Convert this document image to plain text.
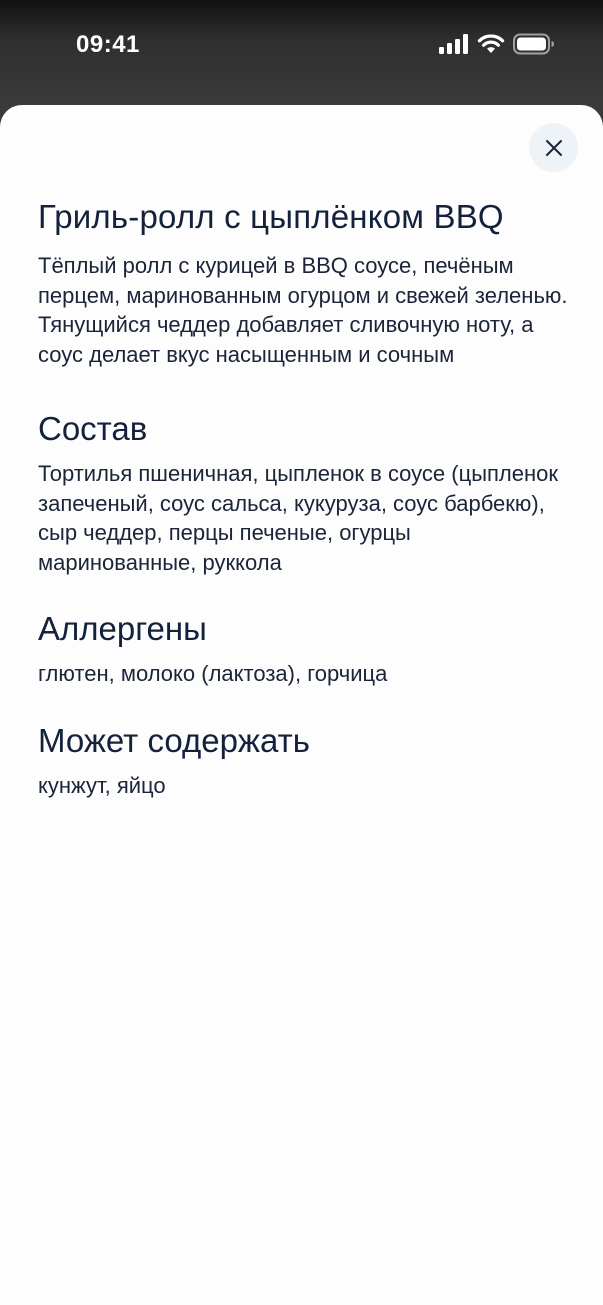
09:41
Гриль-ролл с цыплёнком BBQ

Тёплый ролл с курицей в BBQ соусе, печёным перцем, маринованным огурцом и свежей зеленью. Тянущийся чеддер добавляет сливочную ноту, а соус делает вкус насыщенным и сочным

Состав

Тортилья пшеничная, цыпленок в соусе (цыпленок запеченый, соус сальса, кукуруза, соус барбекю), сыр чеддер, перцы печеные, огурцы маринованные, руккола

Аллергены

глютен, молоко (лактоза), горчица

Может содержать

кунжут, яйцо
